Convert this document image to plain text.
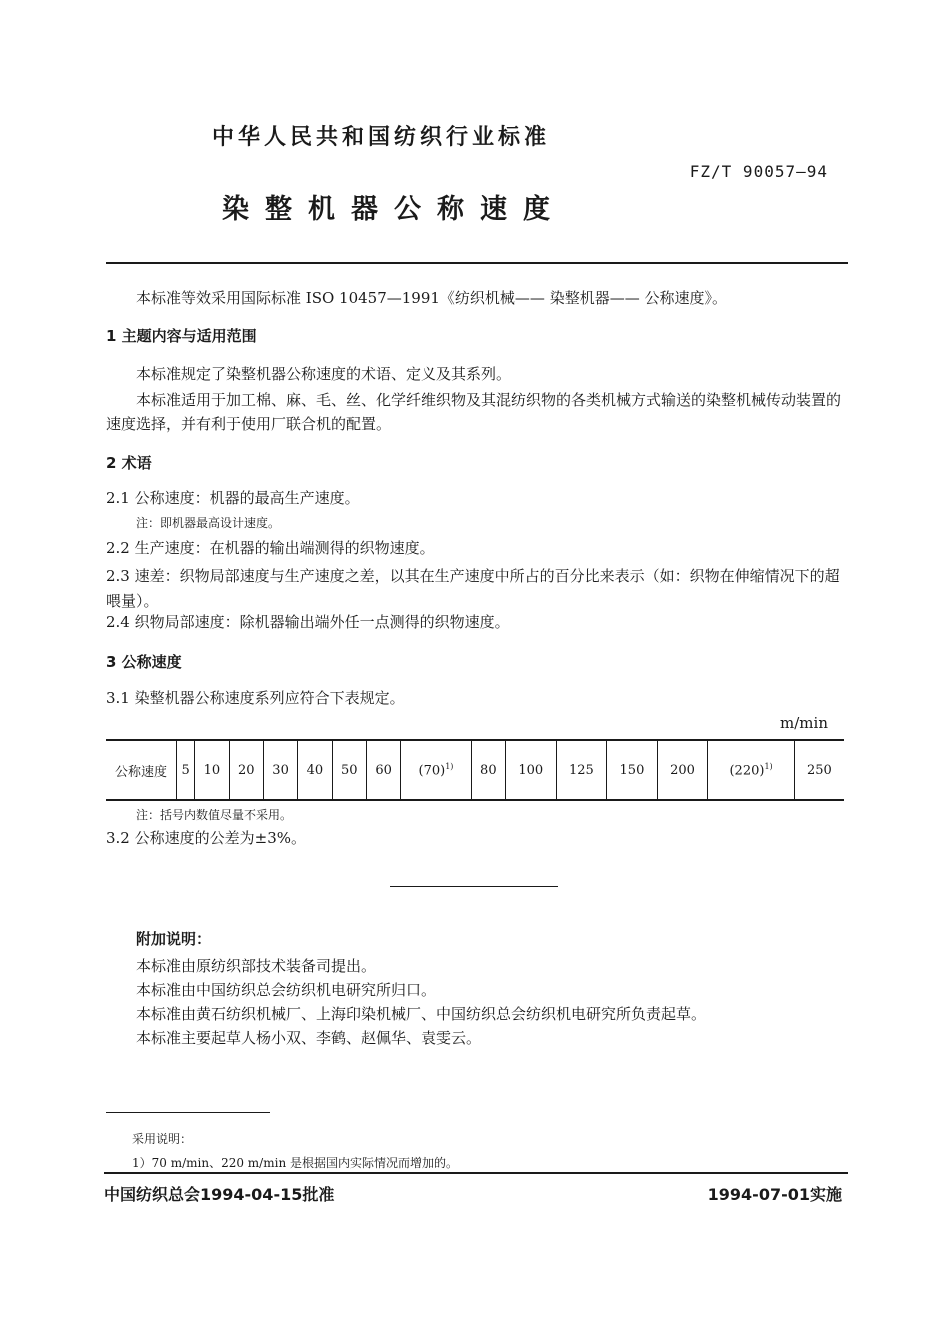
中华人民共和国纺织行业标准
FZ/T 90057—94
染整机器公称速度
本标准等效采用国际标准 ISO 10457—1991《纺织机械—— 染整机器—— 公称速度》。
1 主题内容与适用范围
本标准规定了染整机器公称速度的术语、定义及其系列。
本标准适用于加工棉、麻、毛、丝、化学纤维织物及其混纺织物的各类机械方式输送的染整机械传动装置的速度选择，并有利于使用厂联合机的配置。
2 术语
2.1 公称速度：机器的最高生产速度。
注：即机器最高设计速度。
2.2 生产速度：在机器的输出端测得的织物速度。
2.3 速差：织物局部速度与生产速度之差，以其在生产速度中所占的百分比来表示（如：织物在伸缩情况下的超喂量）。
2.4 织物局部速度：除机器输出端外任一点测得的织物速度。
3 公称速度
3.1 染整机器公称速度系列应符合下表规定。
m/min
公称速度	5	10	20	30	40	50	60	$(70)^{1)}$	80	100	125	150	200	$(220)^{1)}$	250
注：括号内数值尽量不采用。
3.2 公称速度的公差为±3%。
附加说明：
本标准由原纺织部技术装备司提出。
本标准由中国纺织总会纺织机电研究所归口。
本标准由黄石纺织机械厂、上海印染机械厂、中国纺织总会纺织机电研究所负责起草。
本标准主要起草人杨小双、李鹤、赵佩华、袁雯云。
采用说明：
1）70 m/min、220 m/min 是根据国内实际情况而增加的。
中国纺织总会1994-04-15批准	1994-07-01实施
